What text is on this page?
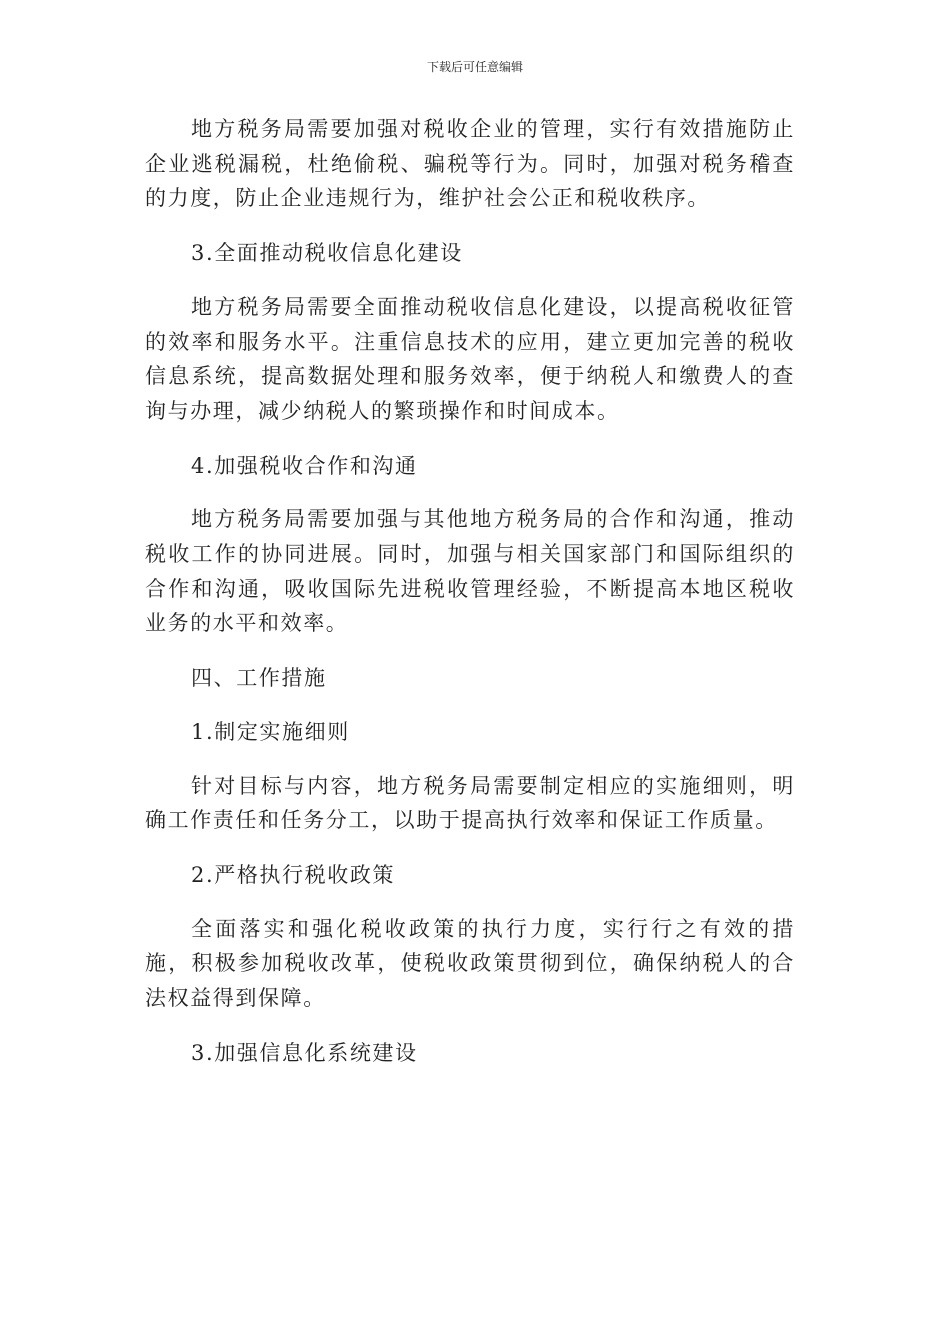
下载后可任意编辑

地方税务局需要加强对税收企业的管理，实行有效措施防止企业逃税漏税，杜绝偷税、骗税等行为。同时，加强对税务稽查的力度，防止企业违规行为，维护社会公正和税收秩序。

3.全面推动税收信息化建设

地方税务局需要全面推动税收信息化建设，以提高税收征管的效率和服务水平。注重信息技术的应用，建立更加完善的税收信息系统，提高数据处理和服务效率，便于纳税人和缴费人的查询与办理，减少纳税人的繁琐操作和时间成本。

4.加强税收合作和沟通

地方税务局需要加强与其他地方税务局的合作和沟通，推动税收工作的协同进展。同时，加强与相关国家部门和国际组织的合作和沟通，吸收国际先进税收管理经验，不断提高本地区税收业务的水平和效率。

四、工作措施

1.制定实施细则

针对目标与内容，地方税务局需要制定相应的实施细则，明确工作责任和任务分工，以助于提高执行效率和保证工作质量。

2.严格执行税收政策

全面落实和强化税收政策的执行力度，实行行之有效的措施，积极参加税收改革，使税收政策贯彻到位，确保纳税人的合法权益得到保障。

3.加强信息化系统建设
